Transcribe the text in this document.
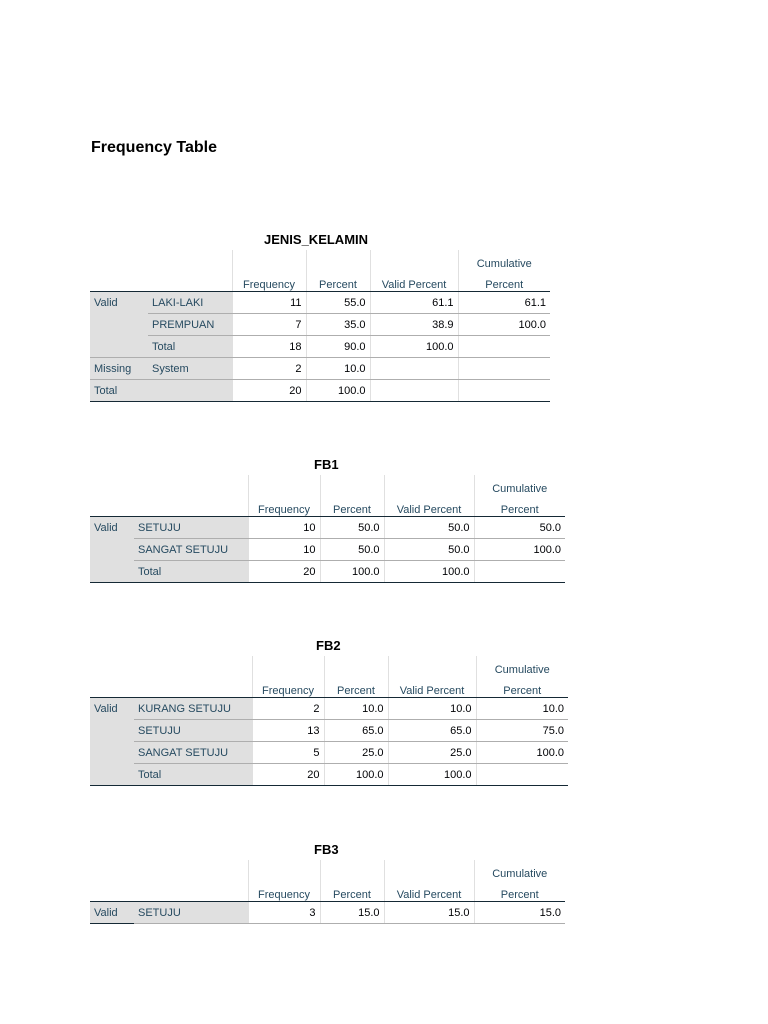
Frequency Table
JENIS_KELAMIN
					Cumulative
		Frequency	Percent	Valid Percent	Percent
Valid	LAKI-LAKI	11	55.0	61.1	61.1
	PREMPUAN	7	35.0	38.9	100.0
	Total	18	90.0	100.0	
Missing	System	2	10.0		
Total		20	100.0		
FB1
					Cumulative
		Frequency	Percent	Valid Percent	Percent
Valid	SETUJU	10	50.0	50.0	50.0
	SANGAT SETUJU	10	50.0	50.0	100.0
	Total	20	100.0	100.0	
FB2
					Cumulative
		Frequency	Percent	Valid Percent	Percent
Valid	KURANG SETUJU	2	10.0	10.0	10.0
	SETUJU	13	65.0	65.0	75.0
	SANGAT SETUJU	5	25.0	25.0	100.0
	Total	20	100.0	100.0	
FB3
					Cumulative
		Frequency	Percent	Valid Percent	Percent
Valid	SETUJU	3	15.0	15.0	15.0
